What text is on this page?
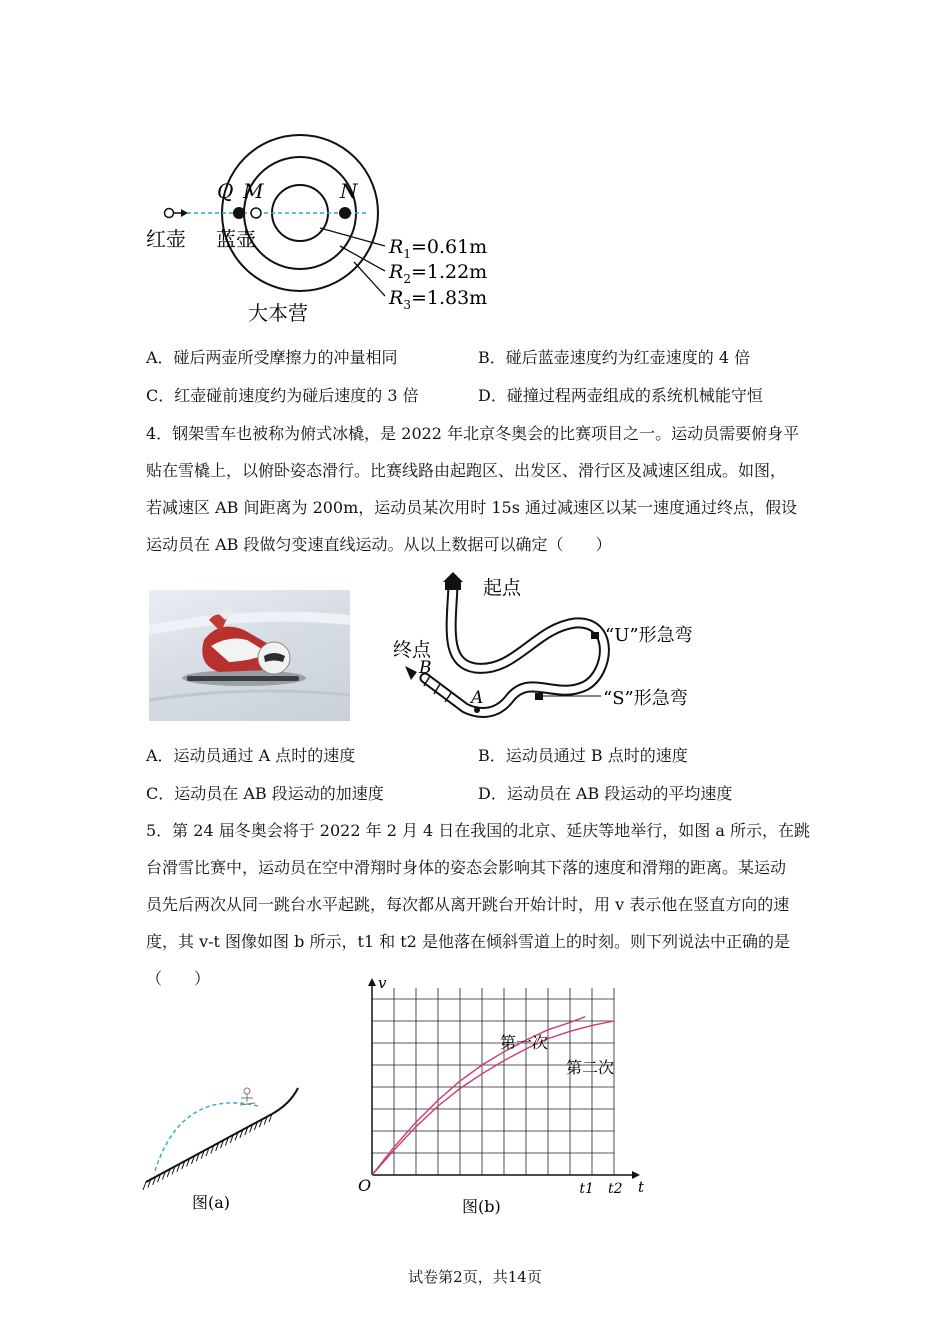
Q M	N
红壶 蓝壶
大本营
$R_1=0.61m$
$R_2=1.22m$
$R_3=1.83m$
A．碰后两壶所受摩擦力的冲量相同	B．碰后蓝壶速度约为红壶速度的 4 倍
C．红壶碰前速度约为碰后速度的 3 倍	D．碰撞过程两壶组成的系统机械能守恒
4．钢架雪车也被称为俯式冰橇，是 2022 年北京冬奥会的比赛项目之一。运动员需要俯身平
贴在雪橇上，以俯卧姿态滑行。比赛线路由起跑区、出发区、滑行区及减速区组成。如图，
若减速区 AB 间距离为 200m，运动员某次用时 15s 通过减速区以某一速度通过终点，假设
运动员在 AB 段做匀变速直线运动。从以上数据可以确定（　　）
起点
终点
B
A
“U”形急弯
“S”形急弯
A．运动员通过 A 点时的速度	B．运动员通过 B 点时的速度
C．运动员在 AB 段运动的加速度	D．运动员在 AB 段运动的平均速度
5．第 24 届冬奥会将于 2022 年 2 月 4 日在我国的北京、延庆等地举行，如图 a 所示，在跳
台滑雪比赛中，运动员在空中滑翔时身体的姿态会影响其下落的速度和滑翔的距离。某运动
员先后两次从同一跳台水平起跳，每次都从离开跳台开始计时，用 v 表示他在竖直方向的速
度，其 v-t 图像如图 b 所示，t1 和 t2 是他落在倾斜雪道上的时刻。则下列说法中正确的是
（　　）
图(a)
v
t
O	t1 t2
第一次
第二次
图(b)
试卷第2页，共14页
